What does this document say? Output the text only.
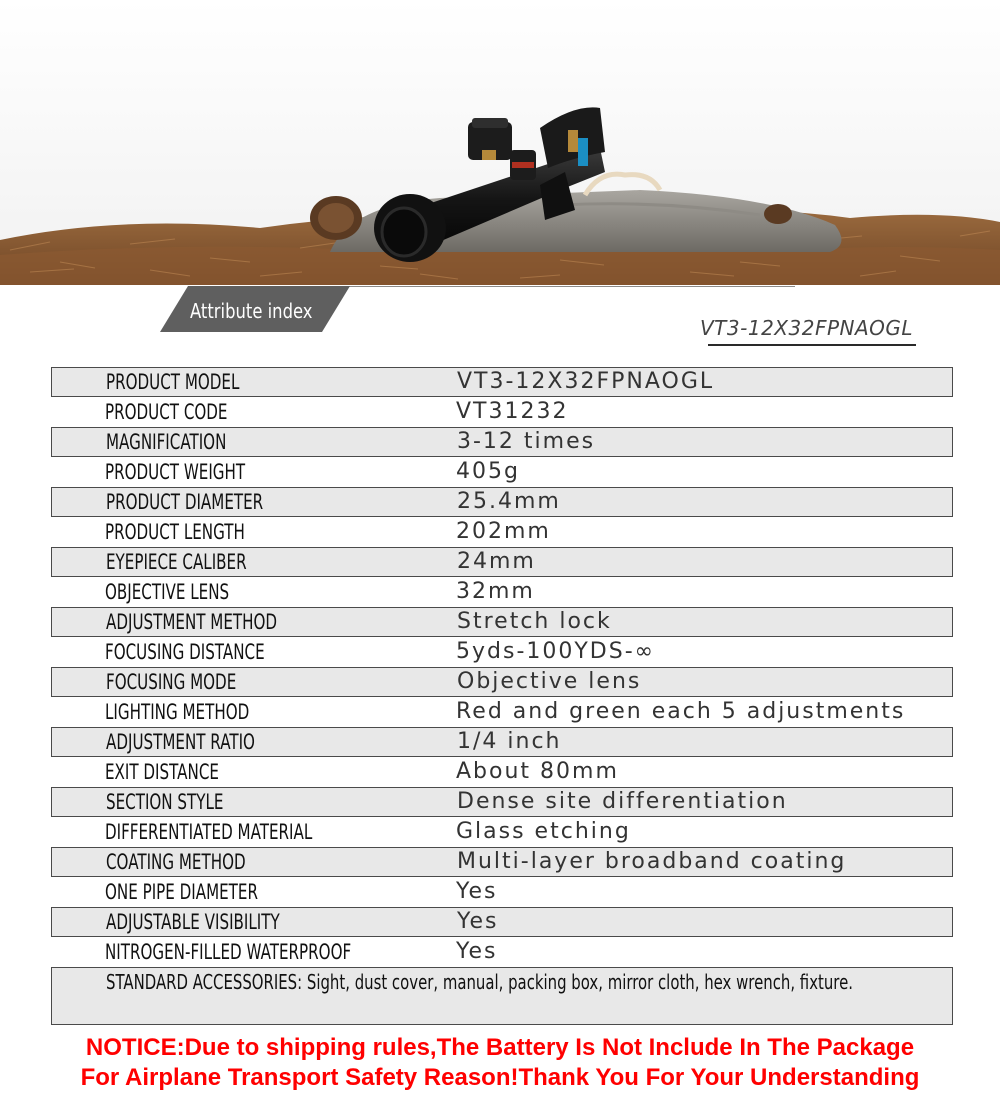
Attribute index
VT3-12X32FPNAOGL
PRODUCT MODEL	VT3-12X32FPNAOGL
PRODUCT CODE	VT31232
MAGNIFICATION	3-12 times
PRODUCT WEIGHT	405g
PRODUCT DIAMETER	25.4mm
PRODUCT LENGTH	202mm
EYEPIECE CALIBER	24mm
OBJECTIVE LENS	32mm
ADJUSTMENT METHOD	Stretch lock
FOCUSING DISTANCE	5yds-100YDS-∞
FOCUSING MODE	Objective lens
LIGHTING METHOD	Red and green each 5 adjustments
ADJUSTMENT RATIO	1/4 inch
EXIT DISTANCE	About 80mm
SECTION STYLE	Dense site differentiation
DIFFERENTIATED MATERIAL	Glass etching
COATING METHOD	Multi-layer broadband coating
ONE PIPE DIAMETER	Yes
ADJUSTABLE VISIBILITY	Yes
NITROGEN-FILLED WATERPROOF	Yes
STANDARD ACCESSORIES: Sight, dust cover, manual, packing box, mirror cloth, hex wrench, fixture.
NOTICE:Due to shipping rules,The Battery Is Not Include In The Package
For Airplane Transport Safety Reason!Thank You For Your Understanding
